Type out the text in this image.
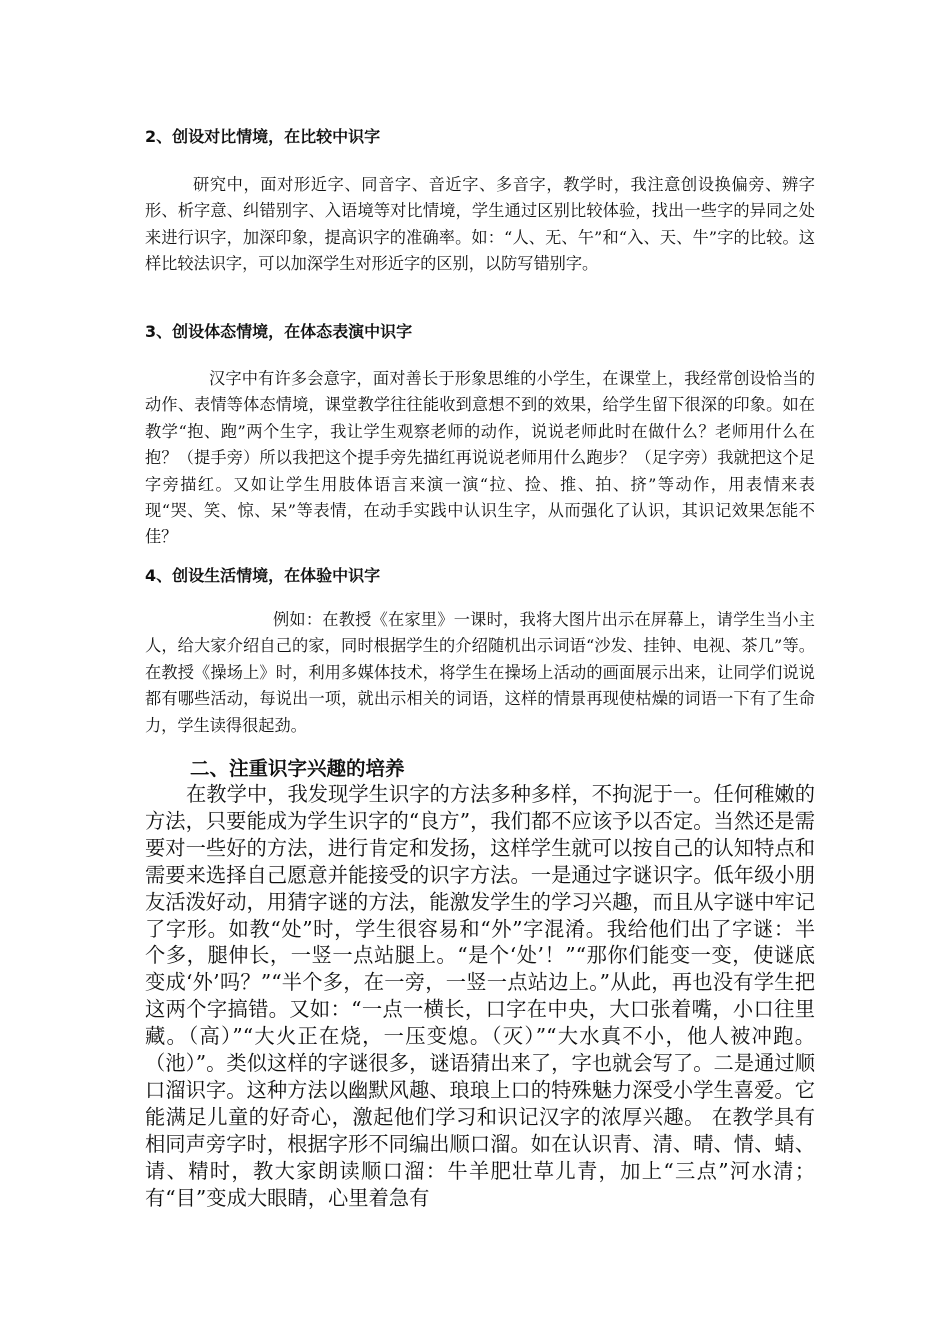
2、创设对比情境，在比较中识字

研究中，面对形近字、同音字、音近字、多音字，教学时，我注意创设换偏旁、辨字形、析字意、纠错别字、入语境等对比情境，学生通过区别比较体验，找出一些字的异同之处来进行识字，加深印象，提高识字的准确率。如：“人、无、午”和“入、天、牛”字的比较。这样比较法识字，可以加深学生对形近字的区别，以防写错别字。

3、创设体态情境，在体态表演中识字

汉字中有许多会意字，面对善长于形象思维的小学生，在课堂上，我经常创设恰当的动作、表情等体态情境，课堂教学往往能收到意想不到的效果，给学生留下很深的印象。如在教学“抱、跑”两个生字，我让学生观察老师的动作，说说老师此时在做什么？老师用什么在抱？（提手旁）所以我把这个提手旁先描红再说说老师用什么跑步？（足字旁）我就把这个足字旁描红。又如让学生用肢体语言来演一演“拉、捡、推、拍、挤”等动作，用表情来表现“哭、笑、惊、呆”等表情，在动手实践中认识生字，从而强化了认识，其识记效果怎能不佳？

4、创设生活情境，在体验中识字

例如：在教授《在家里》一课时，我将大图片出示在屏幕上，请学生当小主人，给大家介绍自己的家，同时根据学生的介绍随机出示词语“沙发、挂钟、电视、茶几”等。在教授《操场上》时，利用多媒体技术，将学生在操场上活动的画面展示出来，让同学们说说都有哪些活动，每说出一项，就出示相关的词语，这样的情景再现使枯燥的词语一下有了生命力，学生读得很起劲。

二、注重识字兴趣的培养

在教学中，我发现学生识字的方法多种多样，不拘泥于一。任何稚嫩的方法，只要能成为学生识字的“良方”，我们都不应该予以否定。当然还是需要对一些好的方法，进行肯定和发扬，这样学生就可以按自己的认知特点和需要来选择自己愿意并能接受的识字方法。一是通过字谜识字。低年级小朋友活泼好动，用猜字谜的方法，能激发学生的学习兴趣，而且从字谜中牢记了字形。如教“处”时，学生很容易和“外”字混淆。我给他们出了字谜：半个多，腿伸长，一竖一点站腿上。“是个‘处’！”“那你们能变一变，使谜底变成‘外’吗？”“半个多，在一旁，一竖一点站边上。”从此，再也没有学生把这两个字搞错。又如：“一点一横长，口字在中央，大口张着嘴，小口往里藏。（高）”“大火正在烧，一压变熄。（灭）”“大水真不小，他人被冲跑。（池）”。类似这样的字谜很多，谜语猜出来了，字也就会写了。二是通过顺口溜识字。这种方法以幽默风趣、琅琅上口的特殊魅力深受小学生喜爱。它能满足儿童的好奇心，激起他们学习和识记汉字的浓厚兴趣。 在教学具有相同声旁字时，根据字形不同编出顺口溜。如在认识青、清、晴、情、蜻、请、精时，教大家朗读顺口溜：牛羊肥壮草儿青，加上“三点”河水清；有“目”变成大眼睛，心里着急有
